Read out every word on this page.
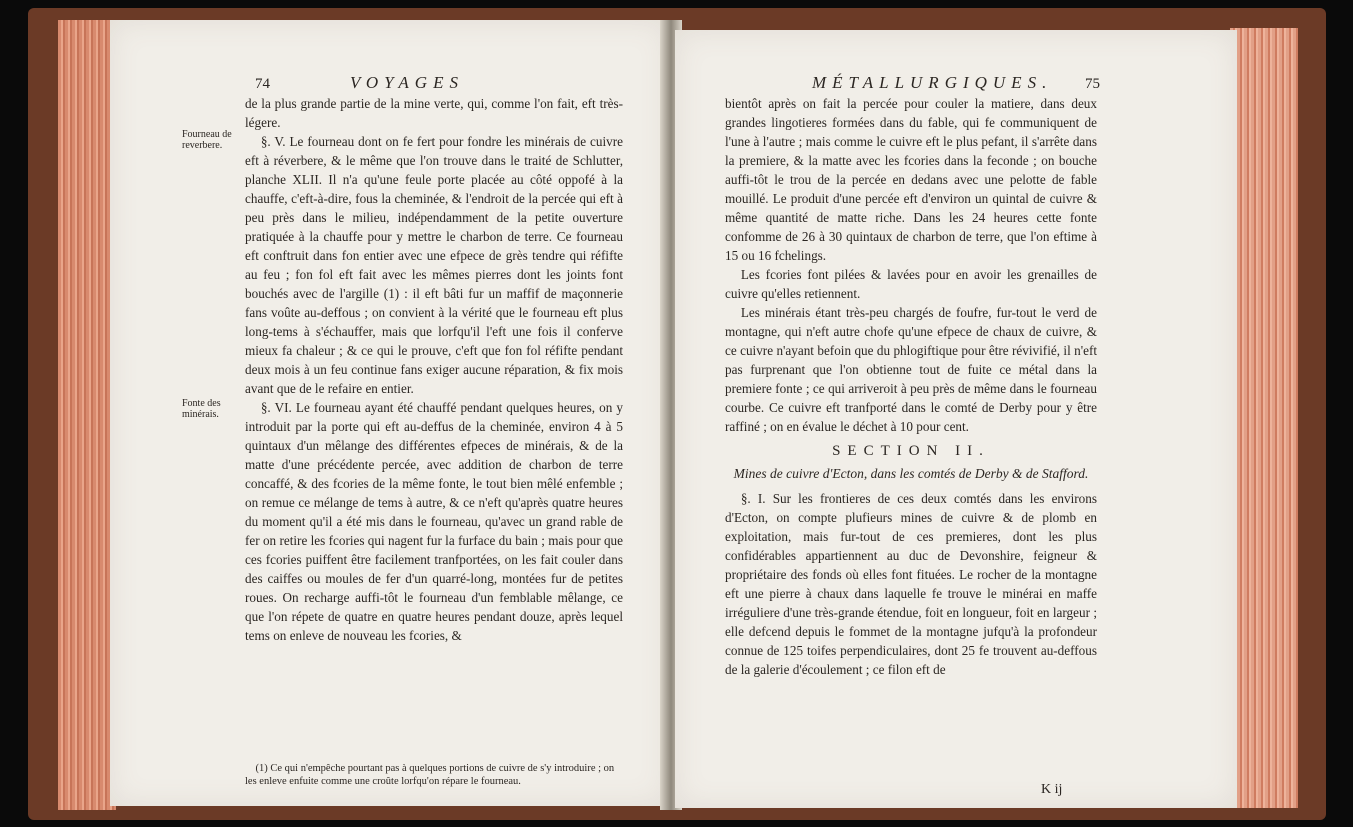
74	VOYAGES
Fourneau de reverbere.
Fonte des minérais.

de la plus grande partie de la mine verte, qui, comme l'on fait, eft très-légere.

§. V. Le fourneau dont on fe fert pour fondre les minérais de cuivre eft à réverbere, & le même que l'on trouve dans le traité de Schlutter, planche XLII. Il n'a qu'une feule porte placée au côté oppofé à la chauffe, c'eft-à-dire, fous la cheminée, & l'endroit de la percée qui eft à peu près dans le milieu, indépendamment de la petite ouverture pratiquée à la chauffe pour y mettre le charbon de terre. Ce fourneau eft conftruit dans fon entier avec une efpece de grès tendre qui réfifte au feu ; fon fol eft fait avec les mêmes pierres dont les joints font bouchés avec de l'argille (1) : il eft bâti fur un maffif de maçonnerie fans voûte au-deffous ; on convient à la vérité que le fourneau eft plus long-tems à s'échauffer, mais que lorfqu'il l'eft une fois il conferve mieux fa chaleur ; & ce qui le prouve, c'eft que fon fol réfifte pendant deux mois à un feu continue fans exiger aucune réparation, & fix mois avant que de le refaire en entier.

§. VI. Le fourneau ayant été chauffé pendant quelques heures, on y introduit par la porte qui eft au-deffus de la cheminée, environ 4 à 5 quintaux d'un mêlange des différentes efpeces de minérais, & de la matte d'une précédente percée, avec addition de charbon de terre concaffé, & des fcories de la même fonte, le tout bien mêlé enfemble ; on remue ce mélange de tems à autre, & ce n'eft qu'après quatre heures du moment qu'il a été mis dans le fourneau, qu'avec un grand rable de fer on retire les fcories qui nagent fur la furface du bain ; mais pour que ces fcories puiffent être facilement tranfportées, on les fait couler dans des caiffes ou moules de fer d'un quarré-long, montées fur de petites roues. On recharge auffi-tôt le fourneau d'un femblable mêlange, ce que l'on répete de quatre en quatre heures pendant douze, après lequel tems on enleve de nouveau les fcories, &

(1) Ce qui n'empêche pourtant pas à quelques portions de cuivre de s'y introduire ; on les enleve enfuite comme une croûte lorfqu'on répare le fourneau.

MÉTALLURGIQUES. 75

bientôt après on fait la percée pour couler la matiere, dans deux grandes lingotieres formées dans du fable, qui fe communiquent de l'une à l'autre ; mais comme le cuivre eft le plus pefant, il s'arrête dans la premiere, & la matte avec les fcories dans la feconde ; on bouche auffi-tôt le trou de la percée en dedans avec une pelotte de fable mouillé. Le produit d'une percée eft d'environ un quintal de cuivre & même quantité de matte riche. Dans les 24 heures cette fonte confomme de 26 à 30 quintaux de charbon de terre, que l'on eftime à 15 ou 16 fchelings.

Les fcories font pilées & lavées pour en avoir les grenailles de cuivre qu'elles retiennent.

Les minérais étant très-peu chargés de foufre, fur-tout le verd de montagne, qui n'eft autre chofe qu'une efpece de chaux de cuivre, & ce cuivre n'ayant befoin que du phlogiftique pour être révivifié, il n'eft pas furprenant que l'on obtienne tout de fuite ce métal dans la premiere fonte ; ce qui arriveroit à peu près de même dans le fourneau courbe. Ce cuivre eft tranfporté dans le comté de Derby pour y être raffiné ; on en évalue le déchet à 10 pour cent.

SECTION II.
Mines de cuivre d'Ecton, dans les comtés de Derby & de Stafford.

§. I. Sur les frontieres de ces deux comtés dans les environs d'Ecton, on compte plufieurs mines de cuivre & de plomb en exploitation, mais fur-tout de ces premieres, dont les plus confidérables appartiennent au duc de Devonshire, feigneur & propriétaire des fonds où elles font fituées. Le rocher de la montagne eft une pierre à chaux dans laquelle fe trouve le minérai en maffe irréguliere d'une très-grande étendue, foit en longueur, foit en largeur ; elle defcend depuis le fommet de la montagne jufqu'à la profondeur connue de 125 toifes perpendiculaires, dont 25 fe trouvent au-deffous de la galerie d'écoulement ; ce filon eft de

K ij
